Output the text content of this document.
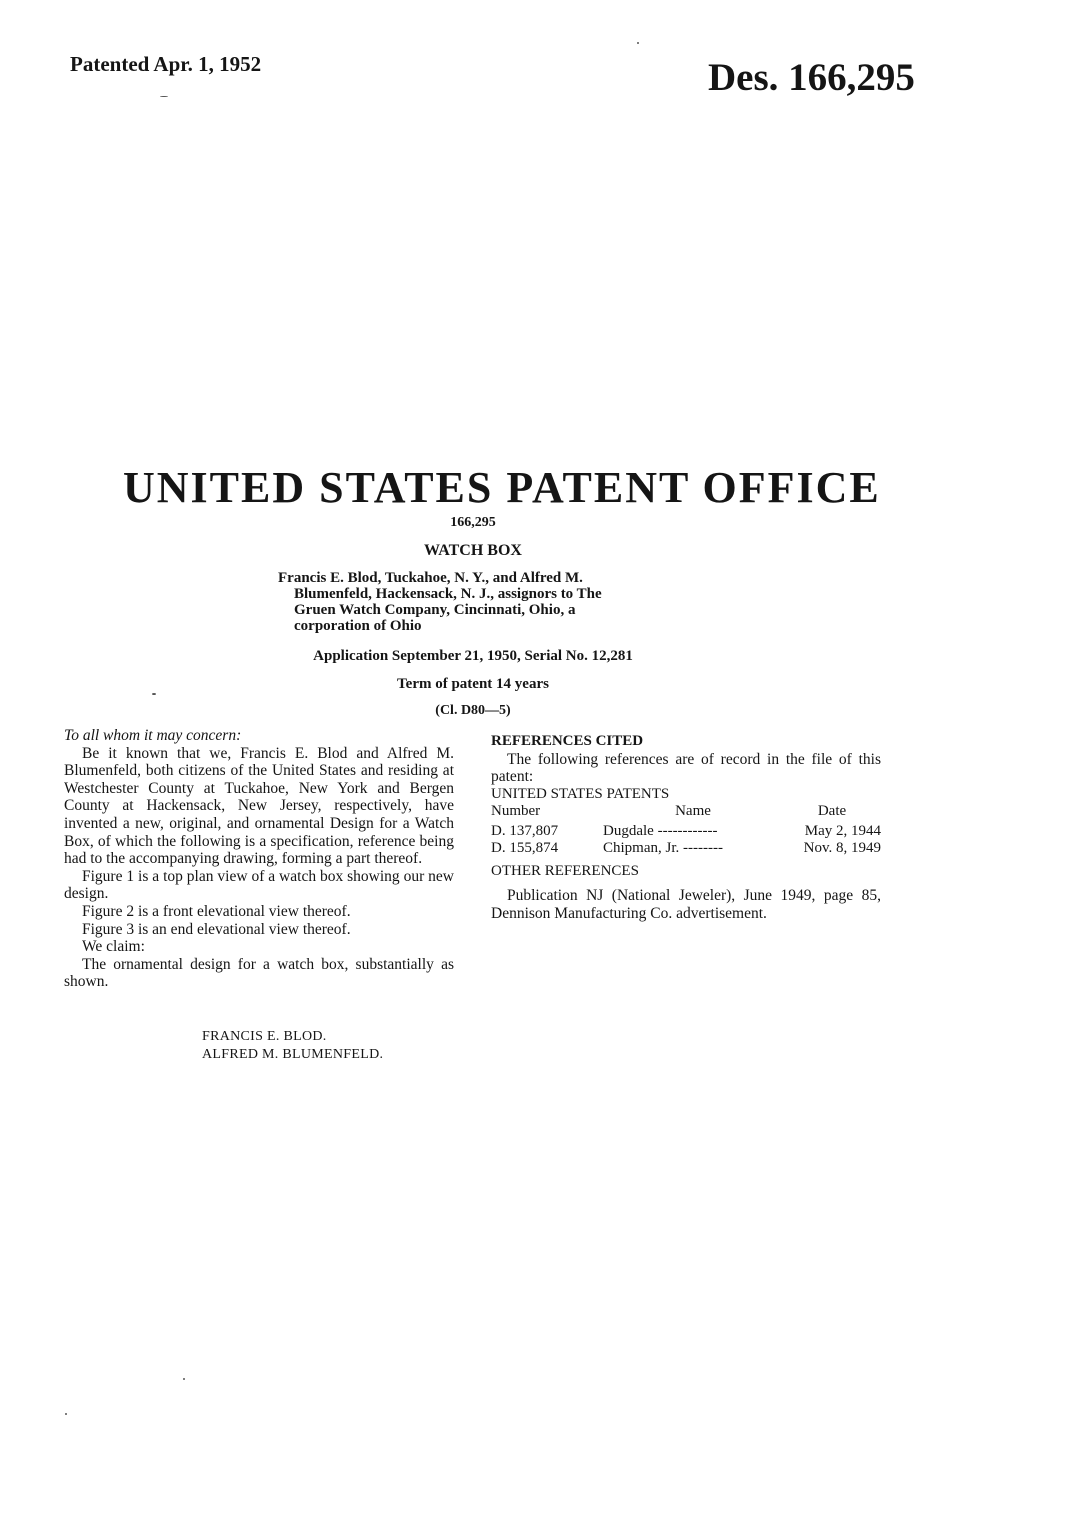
Patented Apr. 1, 1952	Des. 166,295
UNITED STATES PATENT OFFICE
166,295
WATCH BOX
Francis E. Blod, Tuckahoe, N. Y., and Alfred M.
Blumenfeld, Hackensack, N. J., assignors to The
Gruen Watch Company, Cincinnati, Ohio, a
corporation of Ohio
Application September 21, 1950, Serial No. 12,281
Term of patent 14 years
(Cl. D80—5)

To all whom it may concern:

Be it known that we, Francis E. Blod and Alfred M. Blumenfeld, both citizens of the United States and residing at Westchester County at Tuckahoe, New York and Bergen County at Hackensack, New Jersey, respectively, have invented a new, original, and ornamental Design for a Watch Box, of which the following is a specification, reference being had to the accompanying drawing, forming a part thereof.

Figure 1 is a top plan view of a watch box showing our new design.

Figure 2 is a front elevational view thereof.

Figure 3 is an end elevational view thereof.

We claim:

The ornamental design for a watch box, substantially as shown.

FRANCIS E. BLOD.
ALFRED M. BLUMENFELD.

REFERENCES CITED

The following references are of record in the file of this patent:

UNITED STATES PATENTS

Number	Name	Date
D. 137,807	Dugdale ------------	May 2, 1944
D. 155,874	Chipman, Jr. --------	Nov. 8, 1949

OTHER REFERENCES

Publication NJ (National Jeweler), June 1949, page 85, Dennison Manufacturing Co. advertisement.
